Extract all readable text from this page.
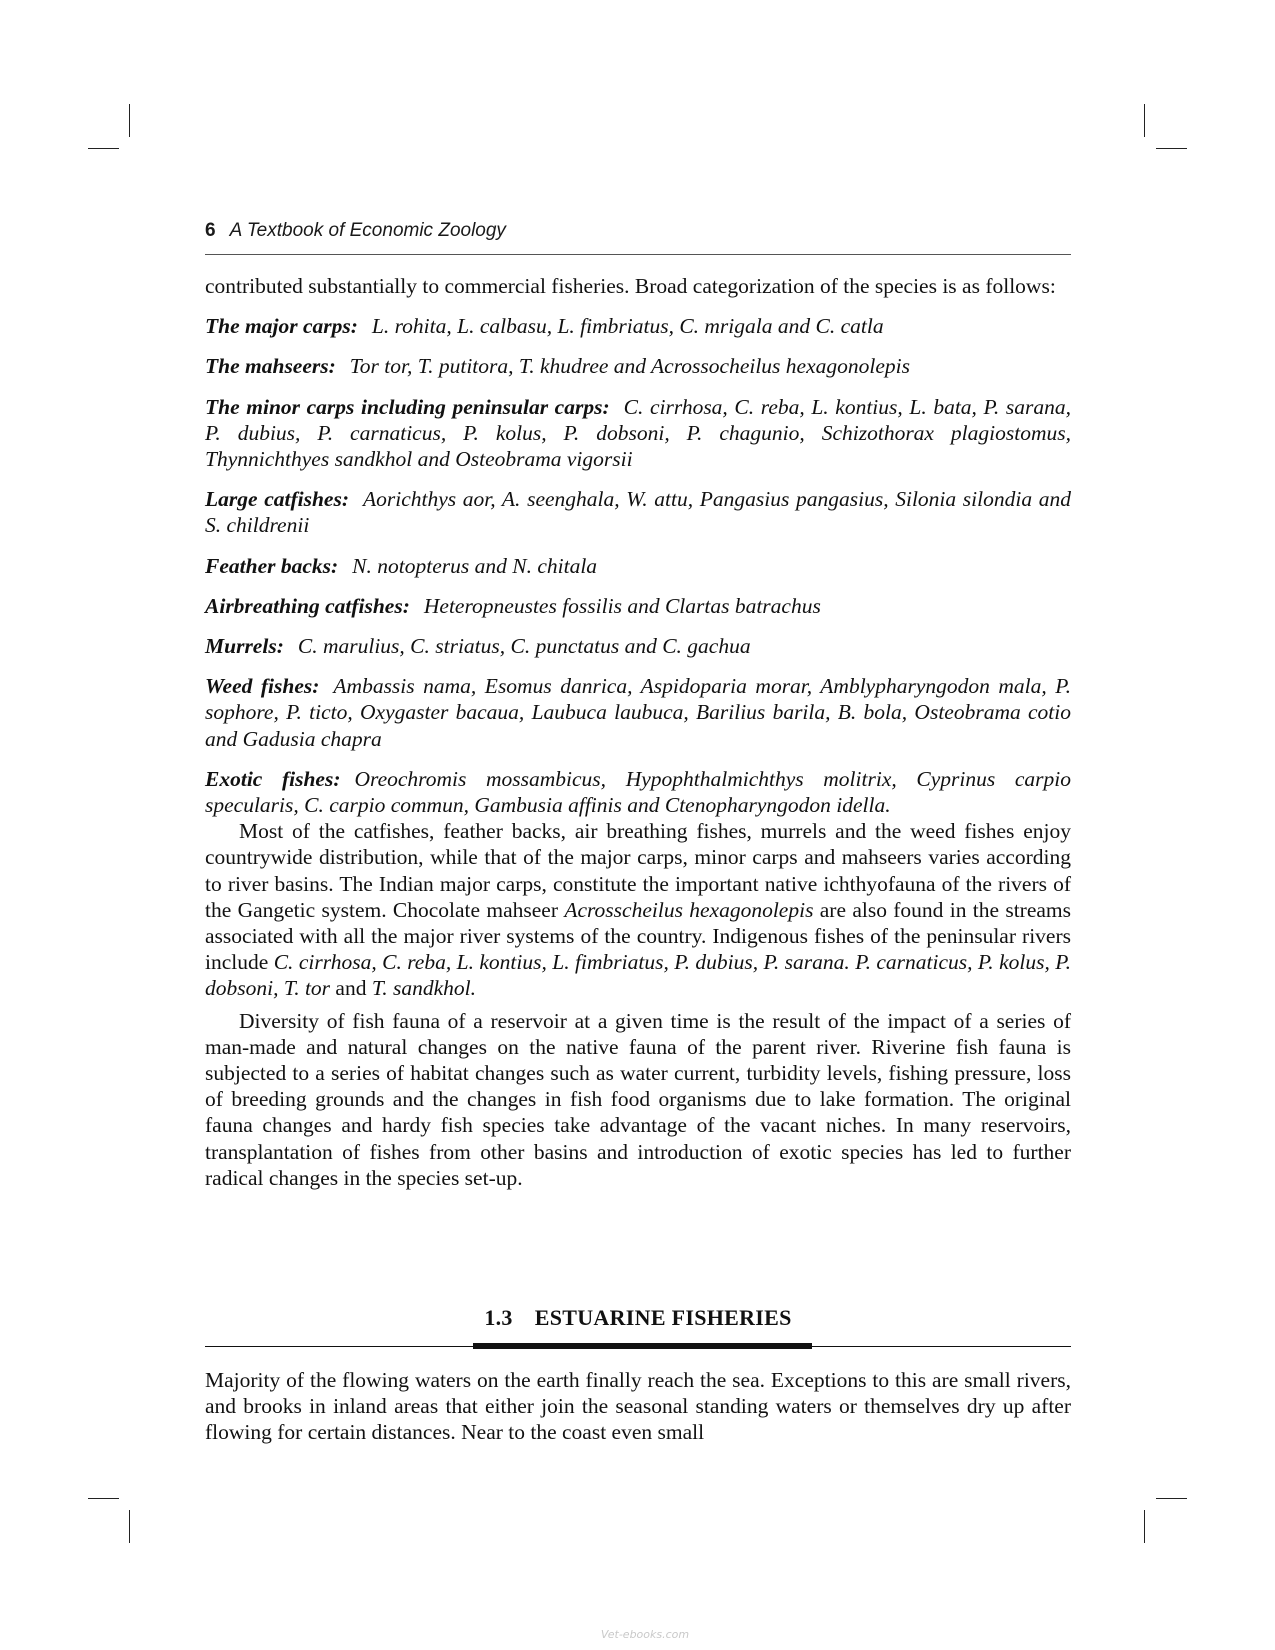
6 A Textbook of Economic Zoology

contributed substantially to commercial fisheries. Broad categorization of the species is as follows:

The major carps: L. rohita, L. calbasu, L. fimbriatus, C. mrigala and C. catla

The mahseers: Tor tor, T. putitora, T. khudree and Acrossocheilus hexagonolepis

The minor carps including peninsular carps: C. cirrhosa, C. reba, L. kontius, L. bata, P. sarana, P. dubius, P. carnaticus, P. kolus, P. dobsoni, P. chagunio, Schizothorax plagiostomus, Thynnichthyes sandkhol and Osteobrama vigorsii

Large catfishes: Aorichthys aor, A. seenghala, W. attu, Pangasius pangasius, Silonia silondia and S. childrenii

Feather backs: N. notopterus and N. chitala

Airbreathing catfishes: Heteropneustes fossilis and Clartas batrachus

Murrels: C. marulius, C. striatus, C. punctatus and C. gachua

Weed fishes: Ambassis nama, Esomus danrica, Aspidoparia morar, Amblypharyngodon mala, P. sophore, P. ticto, Oxygaster bacaua, Laubuca laubuca, Barilius barila, B. bola, Osteobrama cotio and Gadusia chapra

Exotic fishes: Oreochromis mossambicus, Hypophthalmichthys molitrix, Cyprinus carpio specularis, C. carpio commun, Gambusia affinis and Ctenopharyngodon idella.

Most of the catfishes, feather backs, air breathing fishes, murrels and the weed fishes enjoy countrywide distribution, while that of the major carps, minor carps and mahseers varies according to river basins. The Indian major carps, constitute the important native ichthyofauna of the rivers of the Gangetic system. Chocolate mahseer Acrosscheilus hexagonolepis are also found in the streams associated with all the major river systems of the country. Indigenous fishes of the peninsular rivers include C. cirrhosa, C. reba, L. kontius, L. fimbriatus, P. dubius, P. sarana. P. carnaticus, P. kolus, P. dobsoni, T. tor and T. sandkhol.

Diversity of fish fauna of a reservoir at a given time is the result of the impact of a series of man-made and natural changes on the native fauna of the parent river. Riverine fish fauna is subjected to a series of habitat changes such as water current, turbidity levels, fishing pressure, loss of breeding grounds and the changes in fish food organisms due to lake formation. The original fauna changes and hardy fish species take advantage of the vacant niches. In many reservoirs, transplantation of fishes from other basins and introduction of exotic species has led to further radical changes in the species set-up.

1.3 ESTUARINE FISHERIES

Majority of the flowing waters on the earth finally reach the sea. Exceptions to this are small rivers, and brooks in inland areas that either join the seasonal standing waters or themselves dry up after flowing for certain distances. Near to the coast even small

Vet-ebooks.com
